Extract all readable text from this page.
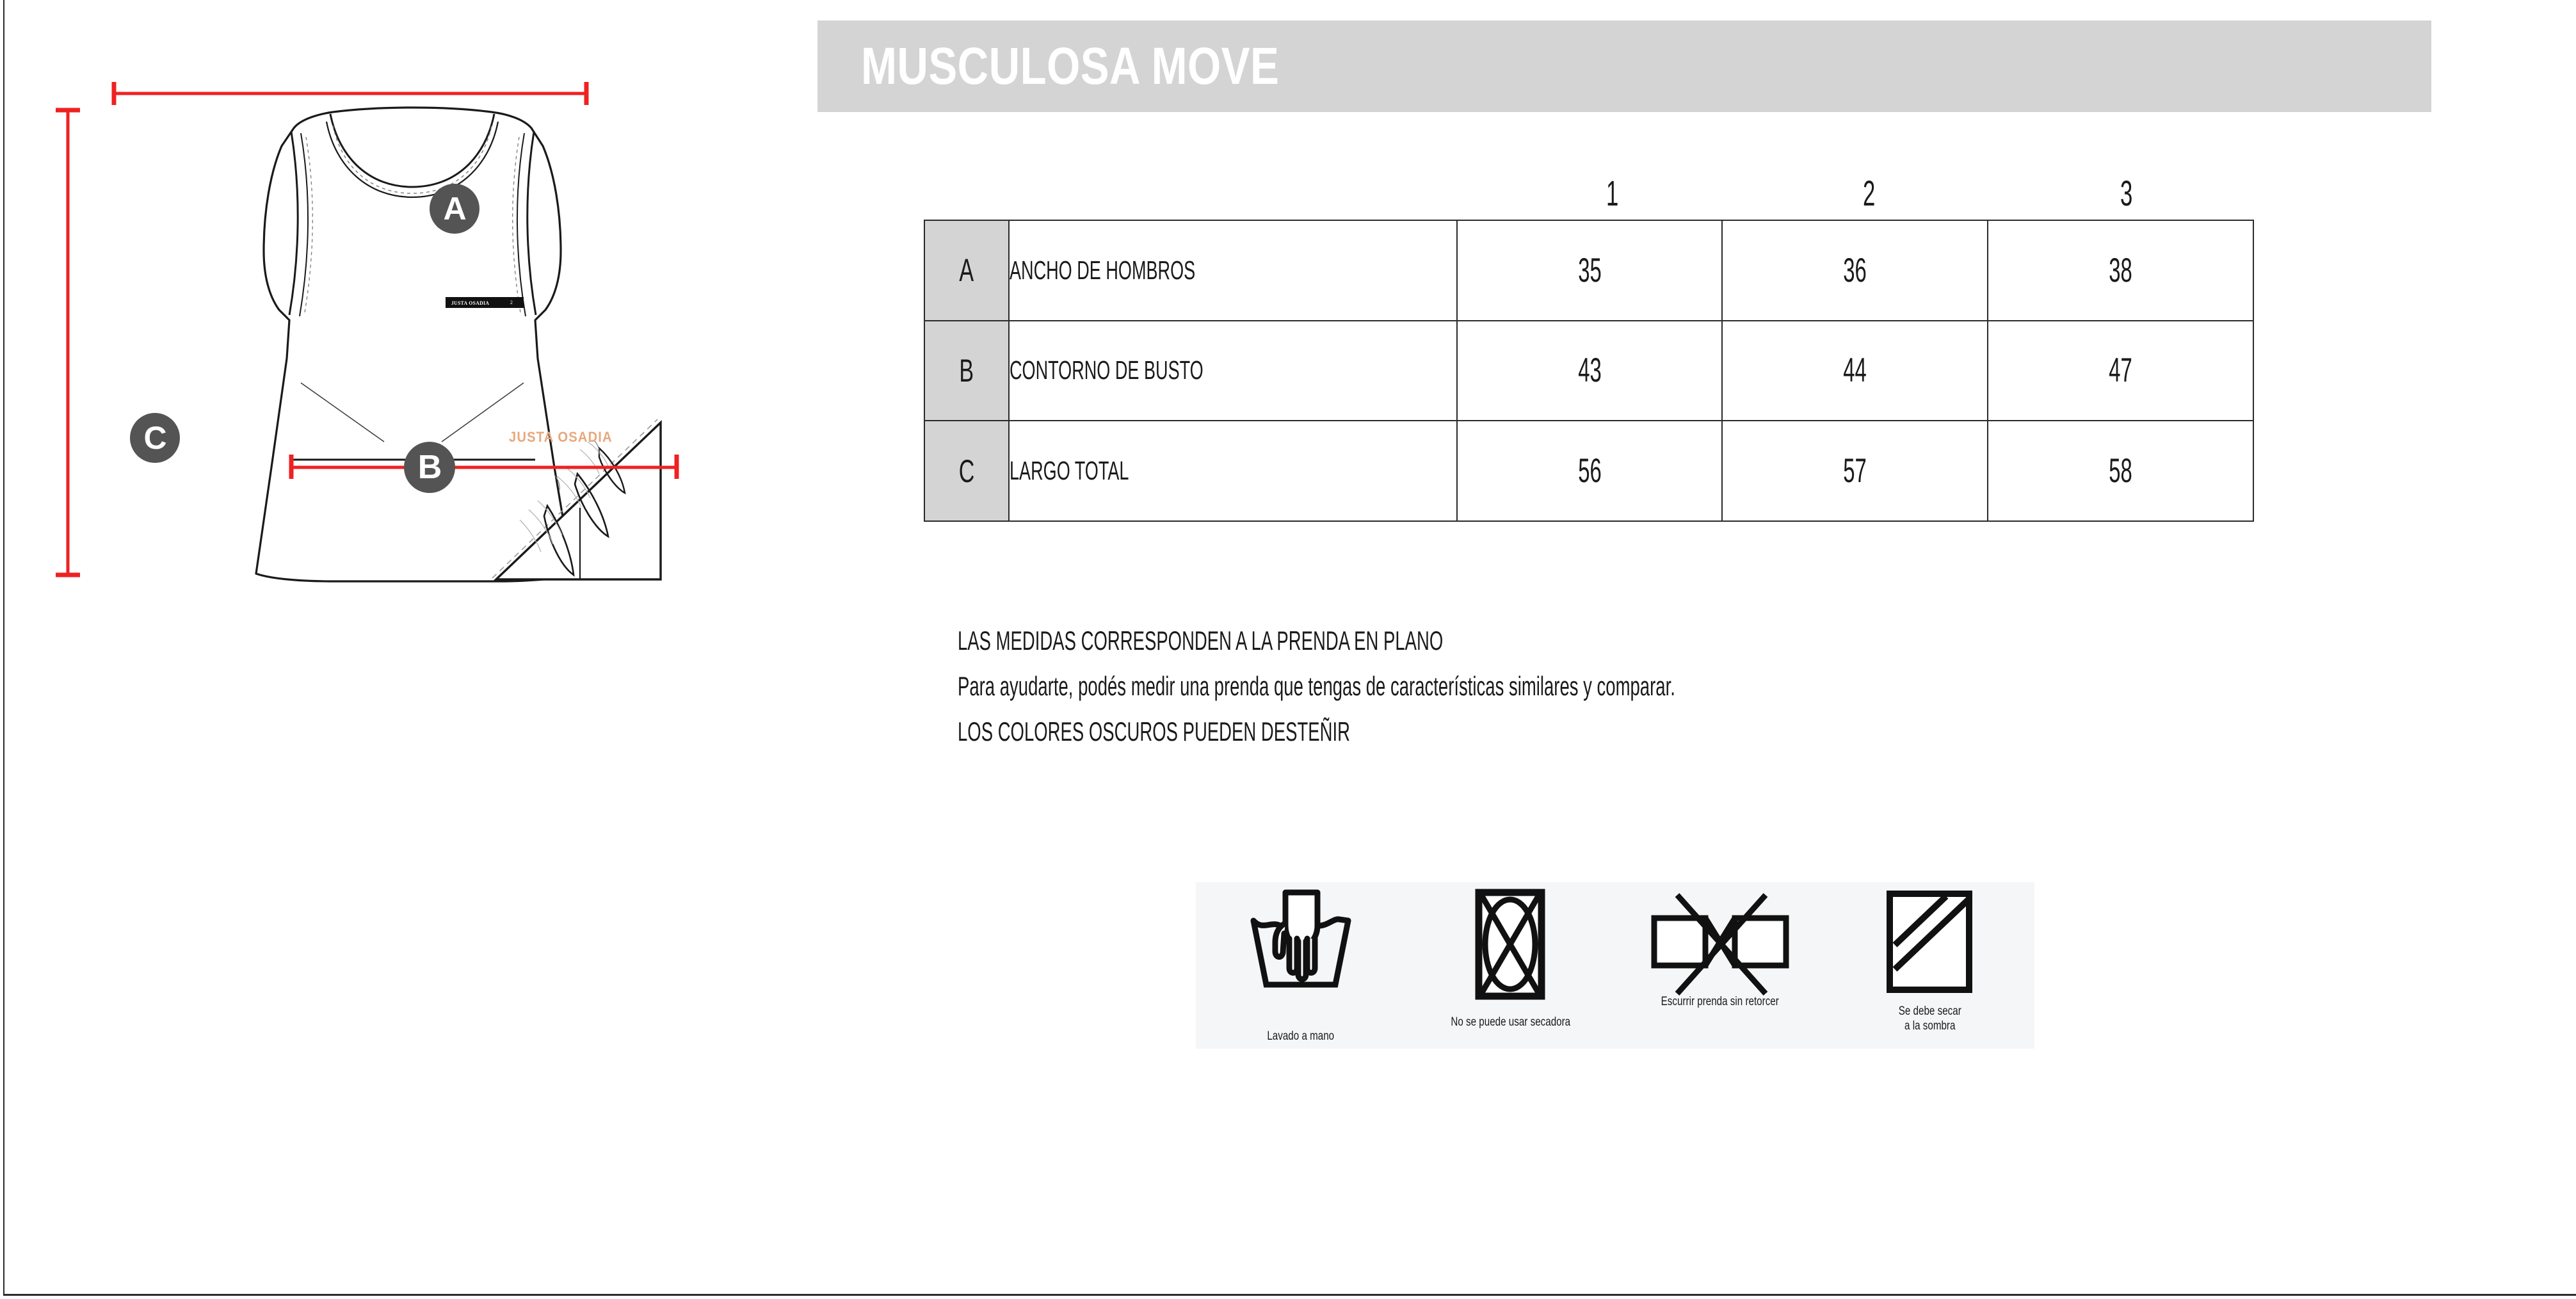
A
B
C	JUSTA OSADIA
JUSTA OSADIA	2
MUSCULOSA MOVE
1	2	3
A	ANCHO DE HOMBROS	35	36	38
B	CONTORNO DE BUSTO	43	44	47
C	LARGO TOTAL	56	57	58
LAS MEDIDAS CORRESPONDEN A LA PRENDA EN PLANO
Para ayudarte, podés medir una prenda que tengas de características similares y comparar.
LOS COLORES OSCUROS PUEDEN DESTEÑIR
Lavado a mano
No se puede usar secadora
Escurrir prenda sin retorcer
Se debe secar
a la sombra
